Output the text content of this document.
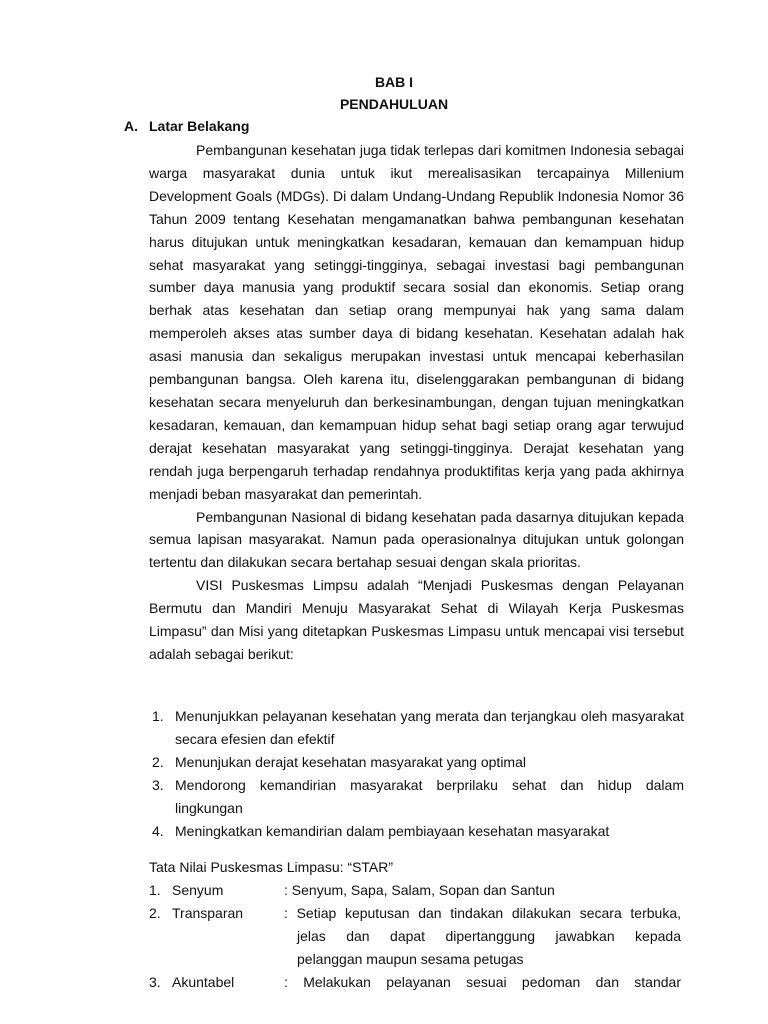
BAB I
PENDAHULUAN
A. Latar Belakang

Pembangunan kesehatan juga tidak terlepas dari komitmen Indonesia sebagai warga masyarakat dunia untuk ikut merealisasikan tercapainya Millenium Development Goals (MDGs). Di dalam Undang-Undang Republik Indonesia Nomor 36 Tahun 2009 tentang Kesehatan mengamanatkan bahwa pembangunan kesehatan harus ditujukan untuk meningkatkan kesadaran, kemauan dan kemampuan hidup sehat masyarakat yang setinggi-tingginya, sebagai investasi bagi pembangunan sumber daya manusia yang produktif secara sosial dan ekonomis. Setiap orang berhak atas kesehatan dan setiap orang mempunyai hak yang sama dalam memperoleh akses atas sumber daya di bidang kesehatan. Kesehatan adalah hak asasi manusia dan sekaligus merupakan investasi untuk mencapai keberhasilan pembangunan bangsa. Oleh karena itu, diselenggarakan pembangunan di bidang kesehatan secara menyeluruh dan berkesinambungan, dengan tujuan meningkatkan kesadaran, kemauan, dan kemampuan hidup sehat bagi setiap orang agar terwujud derajat kesehatan masyarakat yang setinggi-tingginya. Derajat kesehatan yang rendah juga berpengaruh terhadap rendahnya produktifitas kerja yang pada akhirnya menjadi beban masyarakat dan pemerintah.

Pembangunan Nasional di bidang kesehatan pada dasarnya ditujukan kepada semua lapisan masyarakat. Namun pada operasionalnya ditujukan untuk golongan tertentu dan dilakukan secara bertahap sesuai dengan skala prioritas.

VISI Puskesmas Limpsu adalah “Menjadi Puskesmas dengan Pelayanan Bermutu dan Mandiri Menuju Masyarakat Sehat di Wilayah Kerja Puskesmas Limpasu” dan Misi yang ditetapkan Puskesmas Limpasu untuk mencapai visi tersebut adalah sebagai berikut:

1. Menunjukkan pelayanan kesehatan yang merata dan terjangkau oleh masyarakat secara efesien dan efektif
2. Menunjukan derajat kesehatan masyarakat yang optimal
3. Mendorong kemandirian masyarakat berprilaku sehat dan hidup dalam lingkungan
4. Meningkatkan kemandirian dalam pembiayaan kesehatan masyarakat
Tata Nilai Puskesmas Limpasu: “STAR”
1. Senyum	: Senyum, Sapa, Salam, Sopan dan Santun
2. Transparan	: Setiap keputusan dan tindakan dilakukan secara terbuka,
jelas dan dapat dipertanggung jawabkan kepada
pelanggan maupun sesama petugas
3. Akuntabel	: Melakukan pelayanan sesuai pedoman dan standar
